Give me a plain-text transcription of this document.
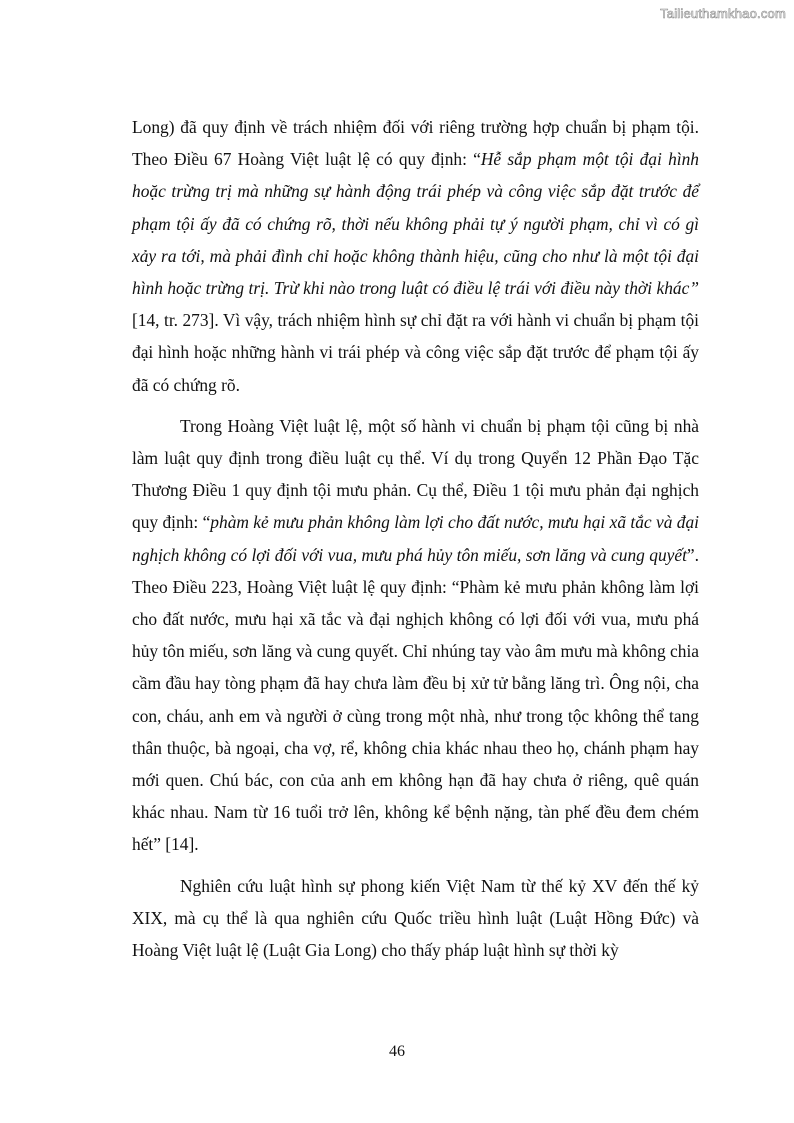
Tailieuthamkhao.com

Long) đã quy định về trách nhiệm đối với riêng trường hợp chuẩn bị phạm tội. Theo Điều 67 Hoàng Việt luật lệ có quy định: “Hễ sắp phạm một tội đại hình hoặc trừng trị mà những sự hành động trái phép và công việc sắp đặt trước để phạm tội ấy đã có chứng rõ, thời nếu không phải tự ý người phạm, chỉ vì có gì xảy ra tới, mà phải đình chỉ hoặc không thành hiệu, cũng cho như là một tội đại hình hoặc trừng trị. Trừ khi nào trong luật có điều lệ trái với điều này thời khác” [14, tr. 273]. Vì vậy, trách nhiệm hình sự chỉ đặt ra với hành vi chuẩn bị phạm tội đại hình hoặc những hành vi trái phép và công việc sắp đặt trước để phạm tội ấy đã có chứng rõ.

Trong Hoàng Việt luật lệ, một số hành vi chuẩn bị phạm tội cũng bị nhà làm luật quy định trong điều luật cụ thể. Ví dụ trong Quyển 12 Phần Đạo Tặc Thương Điều 1 quy định tội mưu phản. Cụ thể, Điều 1 tội mưu phản đại nghịch quy định: “phàm kẻ mưu phản không làm lợi cho đất nước, mưu hại xã tắc và đại nghịch không có lợi đối với vua, mưu phá hủy tôn miếu, sơn lăng và cung quyết”. Theo Điều 223, Hoàng Việt luật lệ quy định: “Phàm kẻ mưu phản không làm lợi cho đất nước, mưu hại xã tắc và đại nghịch không có lợi đối với vua, mưu phá hủy tôn miếu, sơn lăng và cung quyết. Chỉ nhúng tay vào âm mưu mà không chia cầm đầu hay tòng phạm đã hay chưa làm đều bị xử tử bằng lăng trì. Ông nội, cha con, cháu, anh em và người ở cùng trong một nhà, như trong tộc không thể tang thân thuộc, bà ngoại, cha vợ, rể, không chia khác nhau theo họ, chánh phạm hay mới quen. Chú bác, con của anh em không hạn đã hay chưa ở riêng, quê quán khác nhau. Nam từ 16 tuổi trở lên, không kể bệnh nặng, tàn phế đều đem chém hết” [14].

Nghiên cứu luật hình sự phong kiến Việt Nam từ thế kỷ XV đến thế kỷ XIX, mà cụ thể là qua nghiên cứu Quốc triều hình luật (Luật Hồng Đức) và Hoàng Việt luật lệ (Luật Gia Long) cho thấy pháp luật hình sự thời kỳ

46
